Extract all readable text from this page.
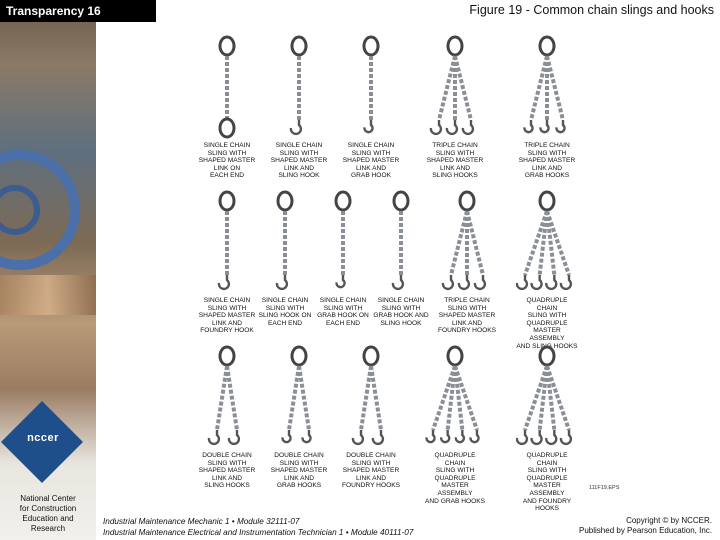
Transparency 16	Figure 19 - Common chain slings and hooks
nccer
National Center
for Construction
Education and
Research
SINGLE CHAIN
SLING WITH
SHAPED MASTER
LINK ON
EACH END
SINGLE CHAIN
SLING WITH
SHAPED MASTER
LINK AND
SLING HOOK
SINGLE CHAIN
SLING WITH
SHAPED MASTER
LINK AND
GRAB HOOK
TRIPLE CHAIN
SLING WITH
SHAPED MASTER
LINK AND
SLING HOOKS
TRIPLE CHAIN
SLING WITH
SHAPED MASTER
LINK AND
GRAB HOOKS
SINGLE CHAIN
SLING WITH
SHAPED MASTER
LINK AND
FOUNDRY HOOK
SINGLE CHAIN
SLING WITH
SLING HOOK ON
EACH END
SINGLE CHAIN
SLING WITH
GRAB HOOK ON
EACH END
SINGLE CHAIN
SLING WITH
GRAB HOOK AND
SLING HOOK
TRIPLE CHAIN
SLING WITH
SHAPED MASTER
LINK AND
FOUNDRY HOOKS
QUADRUPLE CHAIN
SLING WITH
QUADRUPLE
MASTER ASSEMBLY
AND SLING HOOKS
DOUBLE CHAIN
SLING WITH
SHAPED MASTER
LINK AND
SLING HOOKS
DOUBLE CHAIN
SLING WITH
SHAPED MASTER
LINK AND
GRAB HOOKS
DOUBLE CHAIN
SLING WITH
SHAPED MASTER
LINK AND
FOUNDRY HOOKS
QUADRUPLE CHAIN
SLING WITH
QUADRUPLE
MASTER ASSEMBLY
AND GRAB HOOKS
QUADRUPLE CHAIN
SLING WITH
QUADRUPLE
MASTER ASSEMBLY
AND FOUNDRY HOOKS
111F19.EPS
Industrial Maintenance Mechanic 1 • Module 32111-07
Industrial Maintenance Electrical and Instrumentation Technician 1 • Module 40111-07
Copyright © by NCCER.
Published by Pearson Education, Inc.
